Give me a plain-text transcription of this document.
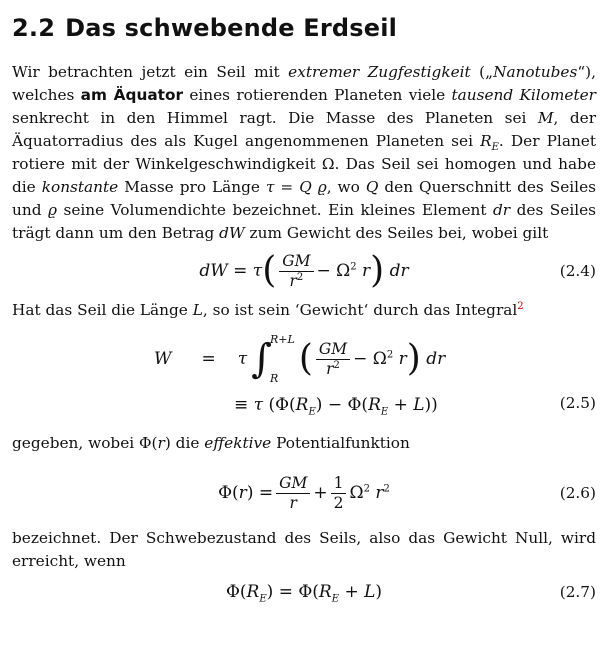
2.2 Das schwebende Erdseil

Wir betrachten jetzt ein Seil mit extremer Zugfestigkeit („Nanotubes“), welches am Äquator eines rotierenden Planeten viele tausend Kilometer senkrecht in den Himmel ragt. Die Masse des Planeten sei M, der Äquatorradius des als Kugel angenommenen Planeten sei $R_E$. Der Planet rotiere mit der Winkelgeschwindigkeit Ω. Das Seil sei homogen und habe die konstante Masse pro Länge τ = Q ϱ, wo Q den Querschnitt des Seiles und ϱ seine Volumendichte bezeichnet. Ein kleines Element dr des Seiles trägt dann um den Betrag dW zum Gewicht des Seiles bei, wobei gilt

dW = τ ( $\frac{GM}{r^2} - \Omega^2$ r ) dr	(2.4)

Hat das Seil die Länge L, so ist sein ‘Gewicht‘ durch das Integral$^2$

W = τ ∫
R+L
R ( $\frac{GM}{r^2} - \Omega^2$ r ) dr
≡ τ $(\Phi(R_E) - \Phi(R_E + L))$	(2.5)

gegeben, wobei Φ(r) die effektive Potentialfunktion

$\Phi(r) = \frac{GM}{r} + \frac{1}{2} \Omega^2$ $r^2$	(2.6)

bezeichnet. Der Schwebezustand des Seils, also das Gewicht Null, wird erreicht, wenn

$\Phi(R_E) = \Phi(R_E + L)$	(2.7)
